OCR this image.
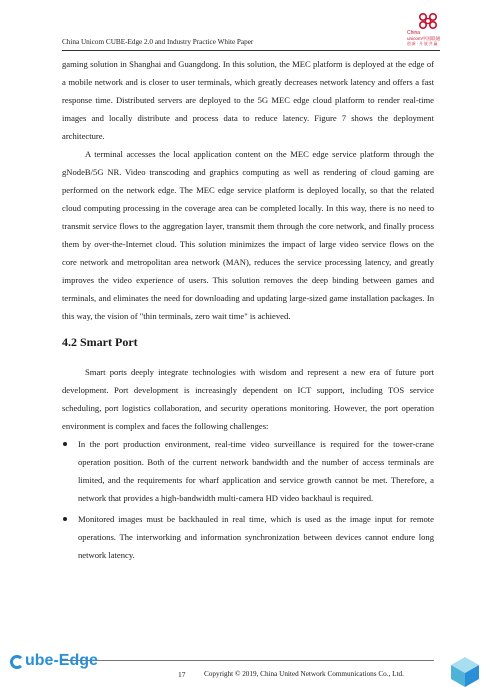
China Unicom CUBE-Edge 2.0 and Industry Practice White Paper
China
unicom中国联通
创 新 · 开 放 共 赢

gaming solution in Shanghai and Guangdong. In this solution, the MEC platform is deployed at the edge of a mobile network and is closer to user terminals, which greatly decreases network latency and offers a fast response time. Distributed servers are deployed to the 5G MEC edge cloud platform to render real-time images and locally distribute and process data to reduce latency. Figure 7 shows the deployment architecture.

A terminal accesses the local application content on the MEC edge service platform through the gNodeB/5G NR. Video transcoding and graphics computing as well as rendering of cloud gaming are performed on the network edge. The MEC edge service platform is deployed locally, so that the related cloud computing processing in the coverage area can be completed locally. In this way, there is no need to transmit service flows to the aggregation layer, transmit them through the core network, and finally process them by over-the-Internet cloud. This solution minimizes the impact of large video service flows on the core network and metropolitan area network (MAN), reduces the service processing latency, and greatly improves the video experience of users. This solution removes the deep binding between games and terminals, and eliminates the need for downloading and updating large-sized game installation packages. In this way, the vision of "thin terminals, zero wait time" is achieved.

4.2 Smart Port

Smart ports deeply integrate technologies with wisdom and represent a new era of future port development. Port development is increasingly dependent on ICT support, including TOS service scheduling, port logistics collaboration, and security operations monitoring. However, the port operation environment is complex and faces the following challenges:

In the port production environment, real-time video surveillance is required for the tower-crane operation position. Both of the current network bandwidth and the number of access terminals are limited, and the requirements for wharf application and service growth cannot be met. Therefore, a network that provides a high-bandwidth multi-camera HD video backhaul is required.
Monitored images must be backhauled in real time, which is used as the image input for remote operations. The interworking and information synchronization between devices cannot endure long network latency.
ube-Edge
17	Copyright © 2019, China United Network Communications Co., Ltd.
